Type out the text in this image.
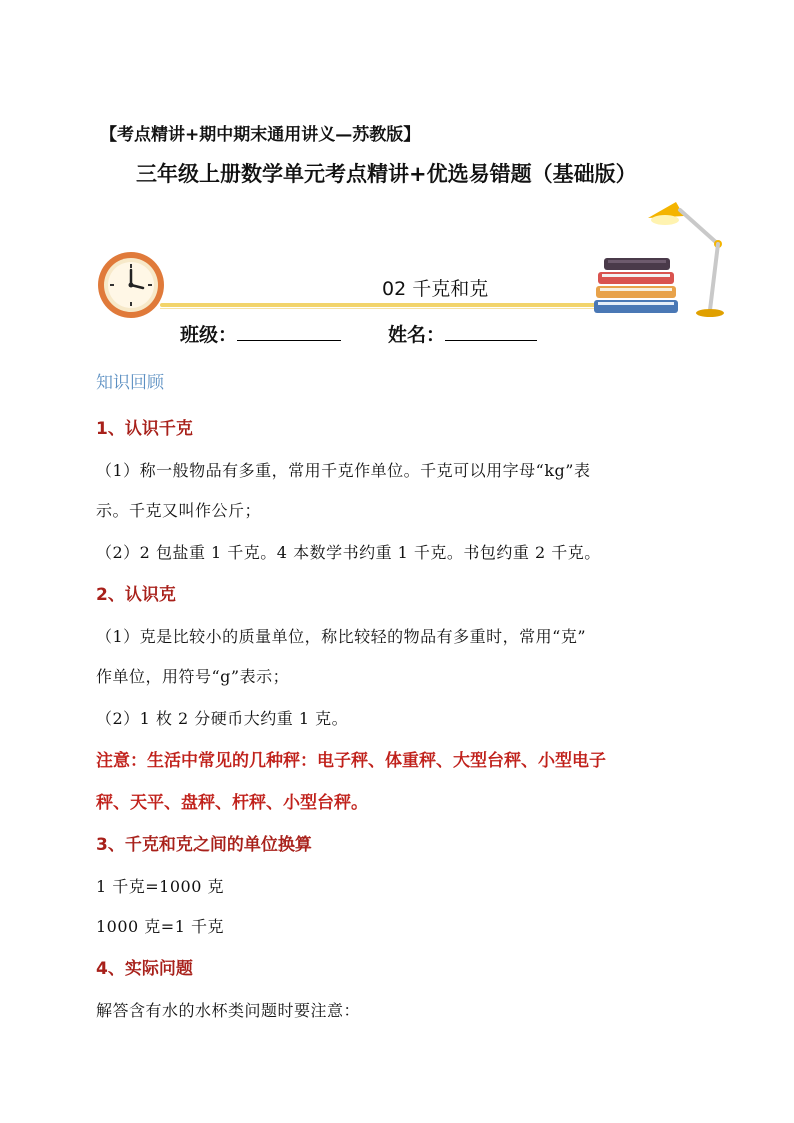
【考点精讲+期中期末通用讲义—苏教版】
三年级上册数学单元考点精讲+优选易错题（基础版）
02 千克和克
班级：	姓名：
知识回顾
1、认识千克
（1）称一般物品有多重，常用千克作单位。千克可以用字母“kg”表
示。千克又叫作公斤；
（2）2 包盐重 1 千克。4 本数学书约重 1 千克。书包约重 2 千克。
2、认识克
（1）克是比较小的质量单位，称比较轻的物品有多重时，常用“克”
作单位，用符号“g”表示；
（2）1 枚 2 分硬币大约重 1 克。
注意：生活中常见的几种秤：电子秤、体重秤、大型台秤、小型电子
秤、天平、盘秤、杆秤、小型台秤。
3、千克和克之间的单位换算
1 千克=1000 克
1000 克=1 千克
4、实际问题
解答含有水的水杯类问题时要注意：
